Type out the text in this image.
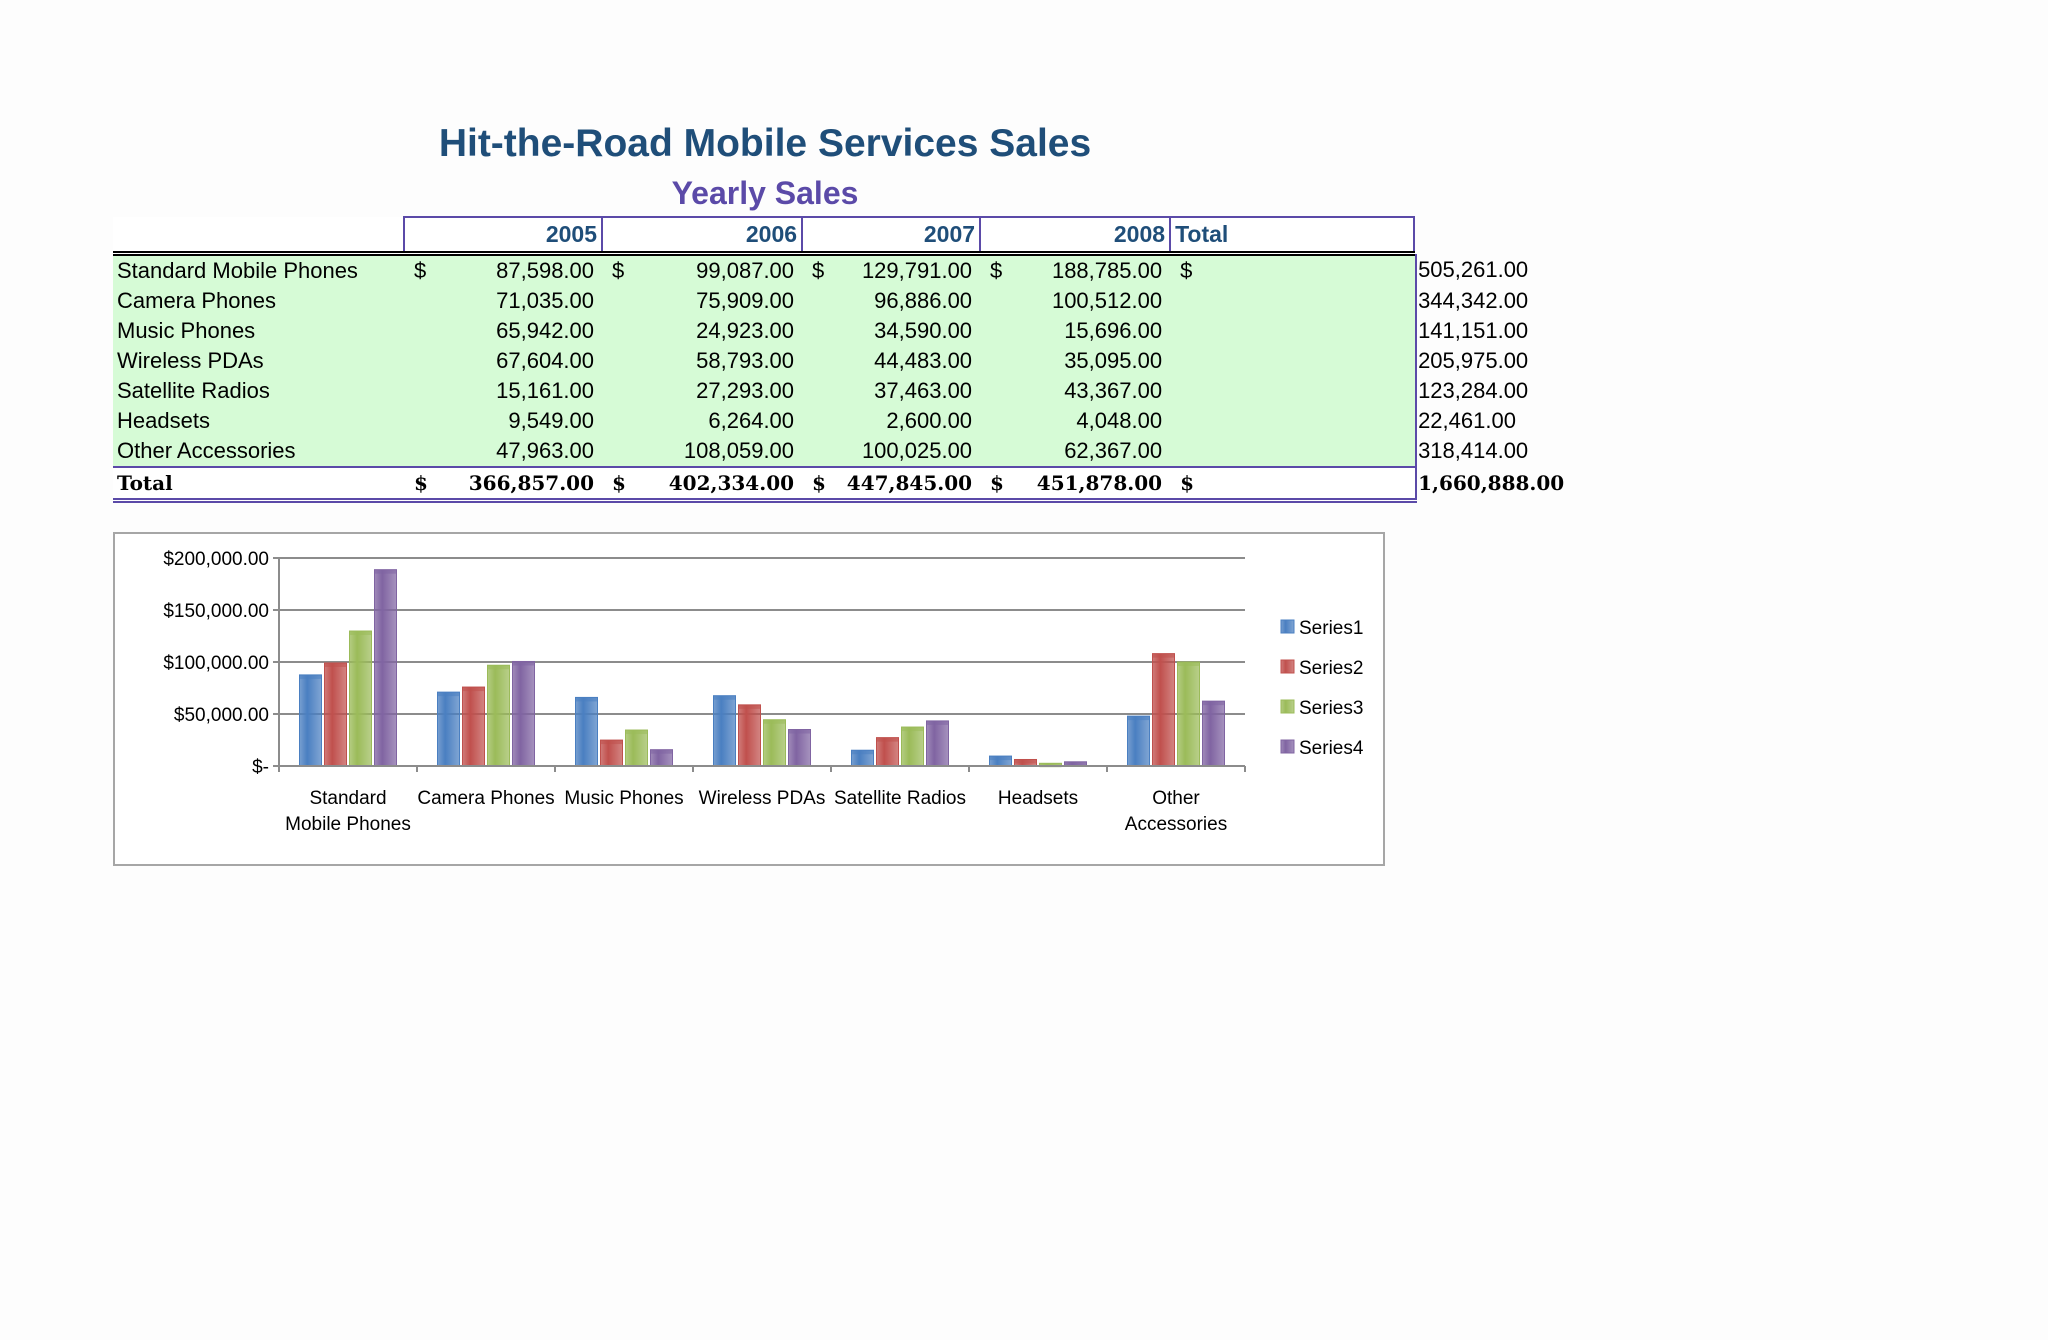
Hit-the-Road Mobile Services Sales
Yearly Sales
	2005		2006		2007		2008		Total	
Standard Mobile Phones	$	87,598.00	$	99,087.00	$	129,791.00	$	188,785.00	$	505,261.00
Camera Phones		71,035.00		75,909.00		96,886.00		100,512.00		344,342.00
Music Phones		65,942.00		24,923.00		34,590.00		15,696.00		141,151.00
Wireless PDAs		67,604.00		58,793.00		44,483.00		35,095.00		205,975.00
Satellite Radios		15,161.00		27,293.00		37,463.00		43,367.00		123,284.00
Headsets		9,549.00		6,264.00		2,600.00		4,048.00		22,461.00
Other Accessories		47,963.00		108,059.00		100,025.00		62,367.00		318,414.00
Total	$	366,857.00	$	402,334.00	$	447,845.00	$	451,878.00	$	1,660,888.00
$-
$50,000.00
$100,000.00
$150,000.00
$200,000.00
Standard
Mobile Phones
Camera Phones Music Phones Wireless PDAs Satellite Radios Headsets	Other
Accessories
Series1
Series2
Series3
Series4
